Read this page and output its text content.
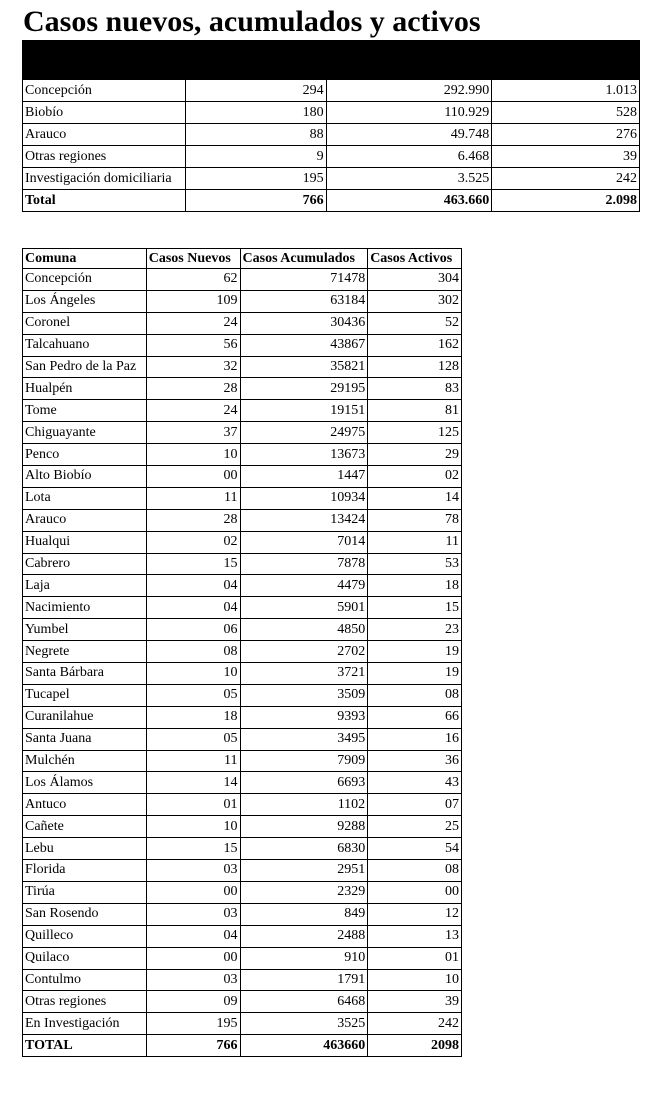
Casos nuevos, acumulados y activos

Concepción	294	292.990	1.013
Biobío	180	110.929	528
Arauco	88	49.748	276
Otras regiones	9	6.468	39
Investigación domiciliaria	195	3.525	242
Total	766	463.660	2.098
Comuna	Casos Nuevos	Casos Acumulados	Casos Activos
Concepción	62	71478	304
Los Ángeles	109	63184	302
Coronel	24	30436	52
Talcahuano	56	43867	162
San Pedro de la Paz	32	35821	128
Hualpén	28	29195	83
Tome	24	19151	81
Chiguayante	37	24975	125
Penco	10	13673	29
Alto Biobío	00	1447	02
Lota	11	10934	14
Arauco	28	13424	78
Hualqui	02	7014	11
Cabrero	15	7878	53
Laja	04	4479	18
Nacimiento	04	5901	15
Yumbel	06	4850	23
Negrete	08	2702	19
Santa Bárbara	10	3721	19
Tucapel	05	3509	08
Curanilahue	18	9393	66
Santa Juana	05	3495	16
Mulchén	11	7909	36
Los Álamos	14	6693	43
Antuco	01	1102	07
Cañete	10	9288	25
Lebu	15	6830	54
Florida	03	2951	08
Tirúa	00	2329	00
San Rosendo	03	849	12
Quilleco	04	2488	13
Quilaco	00	910	01
Contulmo	03	1791	10
Otras regiones	09	6468	39
En Investigación	195	3525	242
TOTAL	766	463660	2098
